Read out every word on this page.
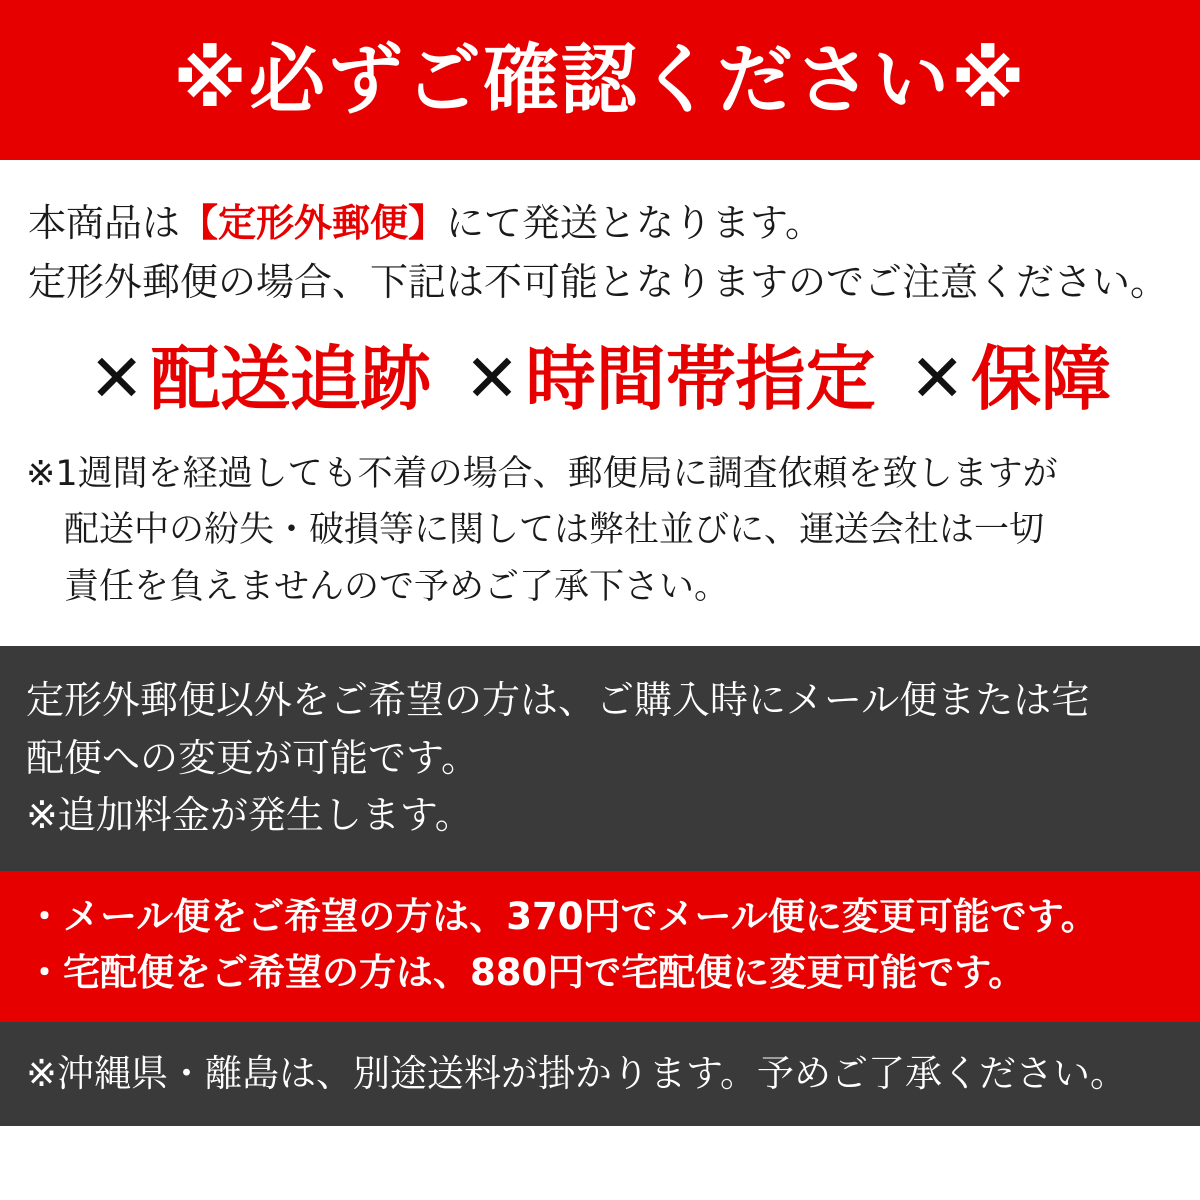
※必ずご確認ください※
本商品は【定形外郵便】にて発送となります。
定形外郵便の場合、下記は不可能となりますのでご注意ください。
✕ 配送追跡 ✕ 時間帯指定 ✕ 保障
※1週間を経過しても不着の場合、郵便局に調査依頼を致しますが
配送中の紛失・破損等に関しては弊社並びに、運送会社は一切
責任を負えませんので予めご了承下さい。
定形外郵便以外をご希望の方は、ご購入時にメール便または宅
配便への変更が可能です。
※追加料金が発生します。
・メール便をご希望の方は、370円でメール便に変更可能です。
・宅配便をご希望の方は、880円で宅配便に変更可能です。
※沖縄県・離島は、別途送料が掛かります。予めご了承ください。
